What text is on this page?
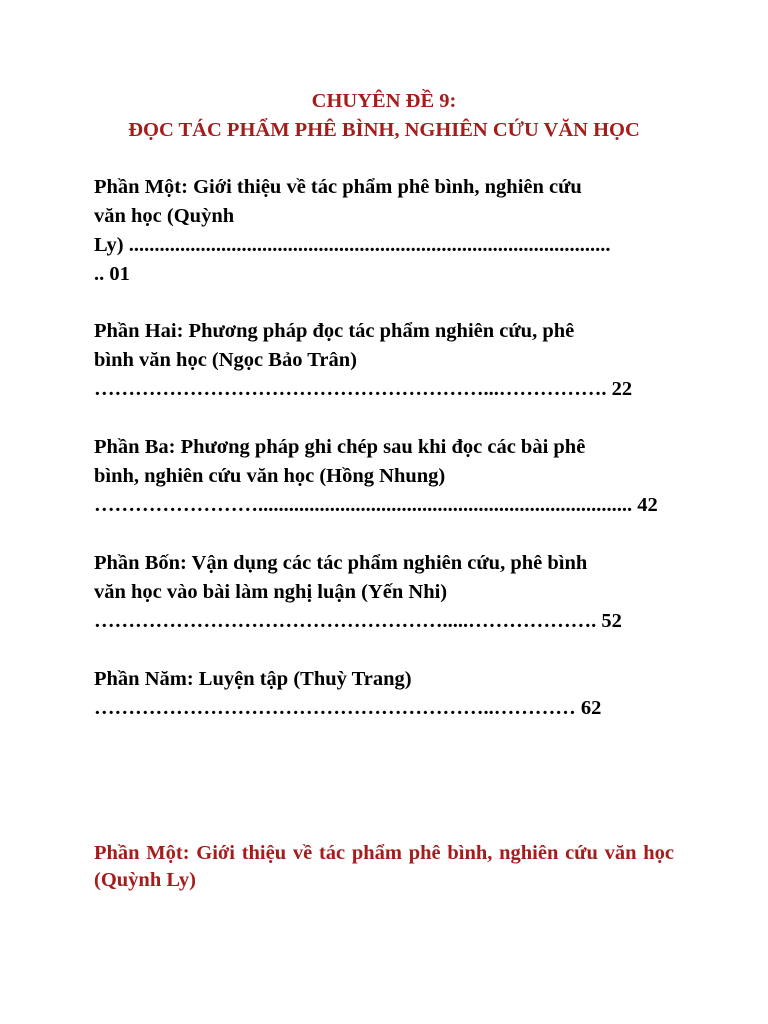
CHUYÊN ĐỀ 9:
ĐỌC TÁC PHẨM PHÊ BÌNH, NGHIÊN CỨU VĂN HỌC
Phần Một: Giới thiệu về tác phẩm phê bình, nghiên cứu
văn học (Quỳnh
Ly) ..............................................................................................
.. 01
Phần Hai: Phương pháp đọc tác phẩm nghiên cứu, phê
bình văn học (Ngọc Bảo Trân)
…………………………………………………...……………. 22
Phần Ba: Phương pháp ghi chép sau khi đọc các bài phê
bình, nghiên cứu văn học (Hồng Nhung)
……………………......................................................................... 42
Phần Bốn: Vận dụng các tác phẩm nghiên cứu, phê bình
văn học vào bài làm nghị luận (Yến Nhi)
…………………………………………….....………………. 52
Phần Năm: Luyện tập (Thuỳ Trang)
…………………………………………………..………… 62
Phần Một: Giới thiệu về tác phẩm phê bình, nghiên cứu văn học (Quỳnh Ly)
